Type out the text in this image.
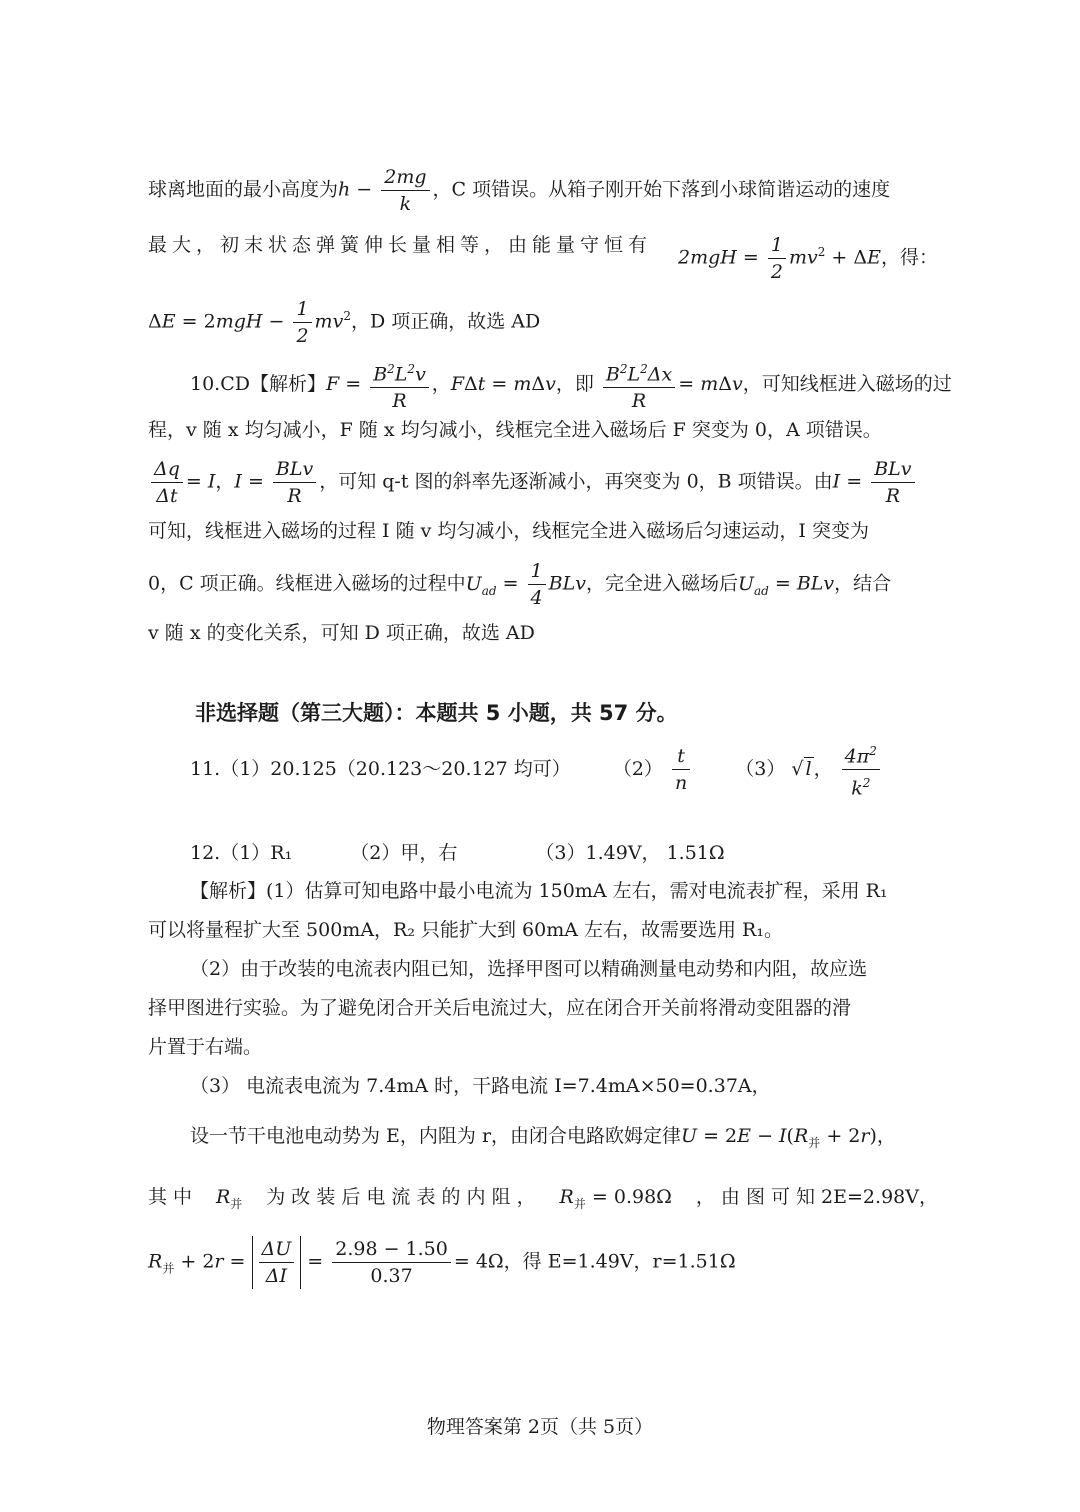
球离地面的最小高度为$h - \frac{2mg}{k}$ ，C 项错误。从箱子刚开始下落到小球简谐运动的速度
最大，初末状态弹簧伸长量相等，由能量守恒有
$2mgH = \frac{1}{2} mv^2 + \Delta E$，得：
$\Delta E = 2mgH - \frac{1}{2} mv^2$，D 项正确，故选 AD
10.CD【解析】$F = \frac{B^2L^2v}{R}$ ，FΔt = mΔv，即 $\frac{B^2L^2\Delta x}{R} = m\Delta v$，可知线框进入磁场的过
程，v 随 x 均匀减小，F 随 x 均匀减小，线框完全进入磁场后 F 突变为 0，A 项错误。
$\frac{\Delta q}{\Delta t} = I$，$I = \frac{\text{BLv}}{R}$ ，可知 q-t 图的斜率先逐渐减小，再突变为 0，B 项错误。由$I = \frac{\text{BLv}}{R}$
可知，线框进入磁场的过程 I 随 v 均匀减小，线框完全进入磁场后匀速运动，I 突变为
0，C 项正确。线框进入磁场的过程中$U_{ad} = \frac{1}{4}$ BLv，完全进入磁场后$U_{ad}$ = BLv，结合
v 随 x 的变化关系，可知 D 项正确，故选 AD
非选择题（第三大题）：本题共 5 小题，共 57 分。
11.（1）20.125（20.123～20.127 均可） $(2) \frac{t}{n} (3)$ √ l ， $\frac{4\pi^2}{k^2}$
12.（1）R₁	（2）甲，右	（3）1.49V， 1.51Ω
【解析】(1）估算可知电路中最小电流为 150mA 左右，需对电流表扩程，采用 R₁
可以将量程扩大至 500mA，R₂ 只能扩大到 60mA 左右，故需要选用 R₁。
（2）由于改装的电流表内阻已知，选择甲图可以精确测量电动势和内阻，故应选
择甲图进行实验。为了避免闭合开关后电流过大，应在闭合开关前将滑动变阻器的滑
片置于右端。
（3） 电流表电流为 7.4mA 时，干路电流 I=7.4mA×50=0.37A，
设一节干电池电动势为 E，内阻为 r，由闭合电路欧姆定律$U = 2E - I(R_并 + 2r)$，
其 中 $R_并$ 为 改 装 后 电 流 表 的 内 阻 ， $R_并 = 0.98\Omega$ ， 由 图 可 知 2E=2.98V，
$R_并 + 2r = \frac{\Delta U}{\Delta I} = \frac{2.98 - 1.50}{0.37} = 4\Omega$，得 E=1.49V，r=1.51Ω
物理答案第 2页（共 5页）
